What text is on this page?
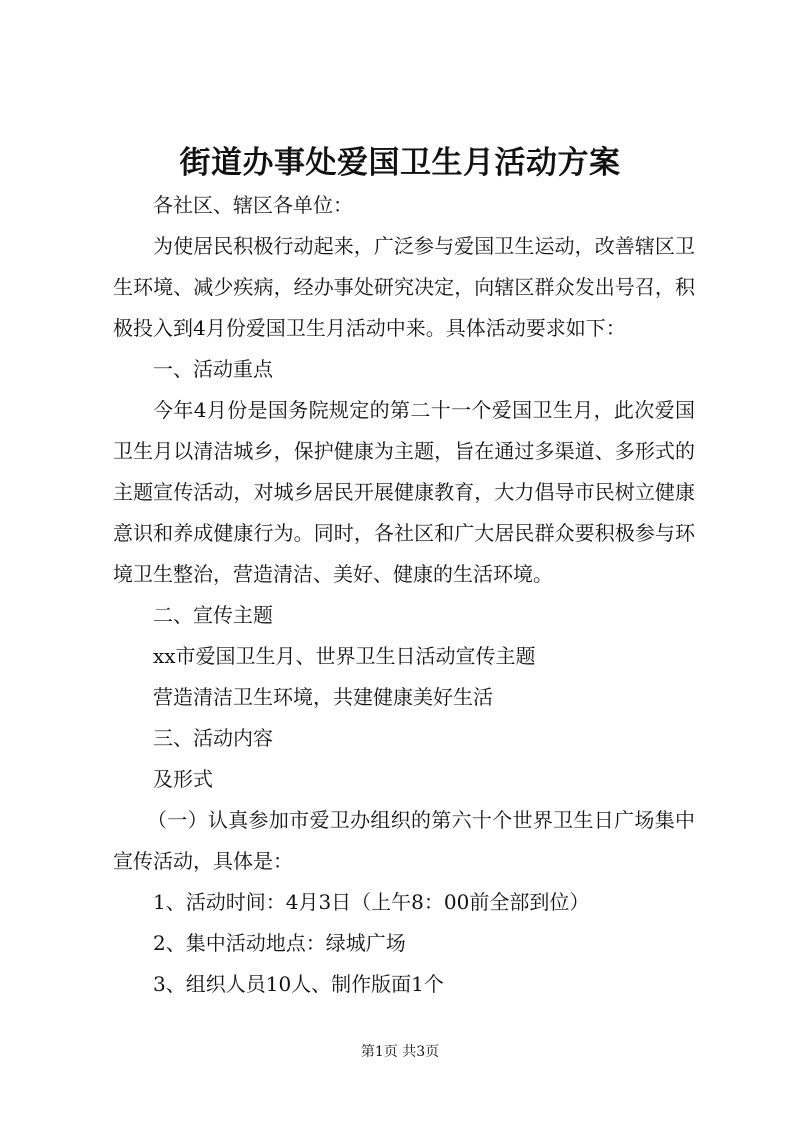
街道办事处爱国卫生月活动方案

各社区、辖区各单位：

为使居民积极行动起来，广泛参与爱国卫生运动，改善辖区卫生环境、减少疾病，经办事处研究决定，向辖区群众发出号召，积极投入到4月份爱国卫生月活动中来。具体活动要求如下：

一、活动重点

今年4月份是国务院规定的第二十一个爱国卫生月，此次爱国卫生月以清洁城乡，保护健康为主题，旨在通过多渠道、多形式的主题宣传活动，对城乡居民开展健康教育，大力倡导市民树立健康意识和养成健康行为。同时，各社区和广大居民群众要积极参与环境卫生整治，营造清洁、美好、健康的生活环境。

二、宣传主题

xx市爱国卫生月、世界卫生日活动宣传主题

营造清洁卫生环境，共建健康美好生活

三、活动内容

及形式

（一）认真参加市爱卫办组织的第六十个世界卫生日广场集中宣传活动，具体是：

1、活动时间：4月3日（上午8：00前全部到位）

2、集中活动地点：绿城广场

3、组织人员10人、制作版面1个

第1页 共3页
